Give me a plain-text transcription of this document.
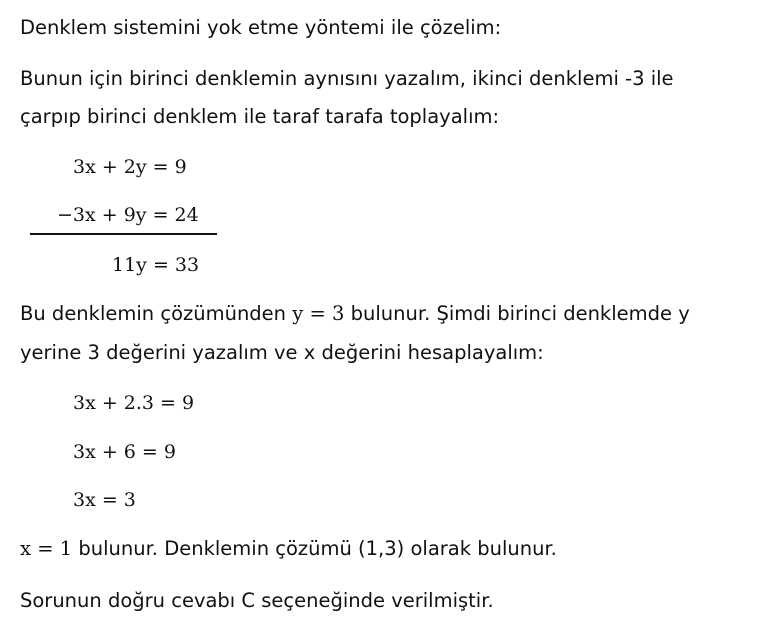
Denklem sistemini yok etme yöntemi ile çözelim:
Bunun için birinci denklemin aynısını yazalım, ikinci denklemi -3 ile
çarpıp birinci denklem ile taraf tarafa toplayalım:
3x + 2y = 9
−3x + 9y = 24
11y = 33
Bu denklemin çözümünden y = 3 bulunur. Şimdi birinci denklemde y
yerine 3 değerini yazalım ve x değerini hesaplayalım:
3x + 2.3 = 9
3x + 6 = 9
3x = 3
x = 1 bulunur. Denklemin çözümü (1,3) olarak bulunur.
Sorunun doğru cevabı C seçeneğinde verilmiştir.
